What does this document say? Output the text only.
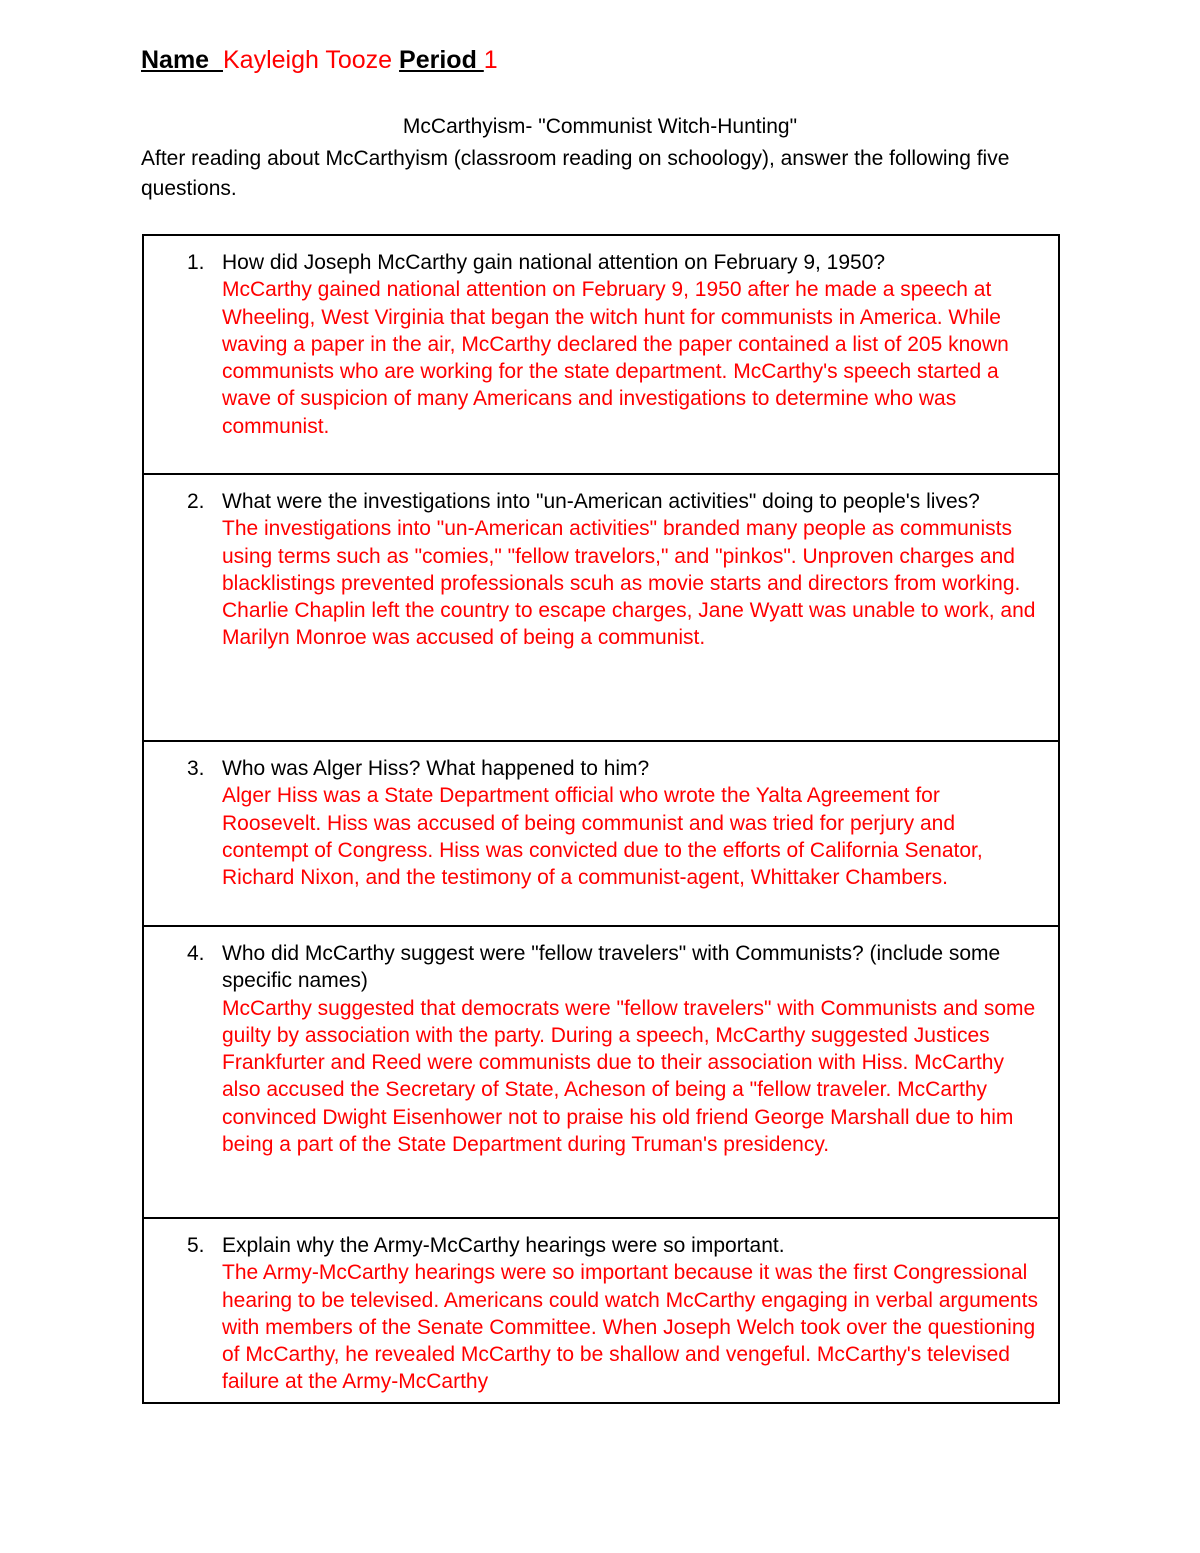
Name  Kayleigh Tooze Period 1
McCarthyism- "Communist Witch-Hunting"
After reading about McCarthyism (classroom reading on schoology), answer the following five questions.
1. How did Joseph McCarthy gain national attention on February 9, 1950?
McCarthy gained national attention on February 9, 1950 after he made a speech at Wheeling, West Virginia that began the witch hunt for communists in America. While waving a paper in the air, McCarthy declared the paper contained a list of 205 known communists who are working for the state department. McCarthy's speech started a wave of suspicion of many Americans and investigations to determine who was communist.
2. What were the investigations into "un-American activities" doing to people's lives?
The investigations into "un-American activities" branded many people as communists using terms such as "comies," "fellow travelors," and "pinkos". Unproven charges and blacklistings prevented professionals scuh as movie starts and directors from working. Charlie Chaplin left the country to escape charges, Jane Wyatt was unable to work, and Marilyn Monroe was accused of being a communist.
3. Who was Alger Hiss? What happened to him?
Alger Hiss was a State Department official who wrote the Yalta Agreement for Roosevelt. Hiss was accused of being communist and was tried for perjury and contempt of Congress. Hiss was convicted due to the efforts of California Senator, Richard Nixon, and the testimony of a communist-agent, Whittaker Chambers.
4. Who did McCarthy suggest were "fellow travelers" with Communists? (include some specific names)
McCarthy suggested that democrats were "fellow travelers" with Communists and some guilty by association with the party. During a speech, McCarthy suggested Justices Frankfurter and Reed were communists due to their association with Hiss. McCarthy also accused the Secretary of State, Acheson of being a "fellow traveler. McCarthy convinced Dwight Eisenhower not to praise his old friend George Marshall due to him being a part of the State Department during Truman's presidency.
5. Explain why the Army-McCarthy hearings were so important.
The Army-McCarthy hearings were so important because it was the first Congressional hearing to be televised. Americans could watch McCarthy engaging in verbal arguments with members of the Senate Committee. When Joseph Welch took over the questioning of McCarthy, he revealed McCarthy to be shallow and vengeful. McCarthy's televised failure at the Army-McCarthy
